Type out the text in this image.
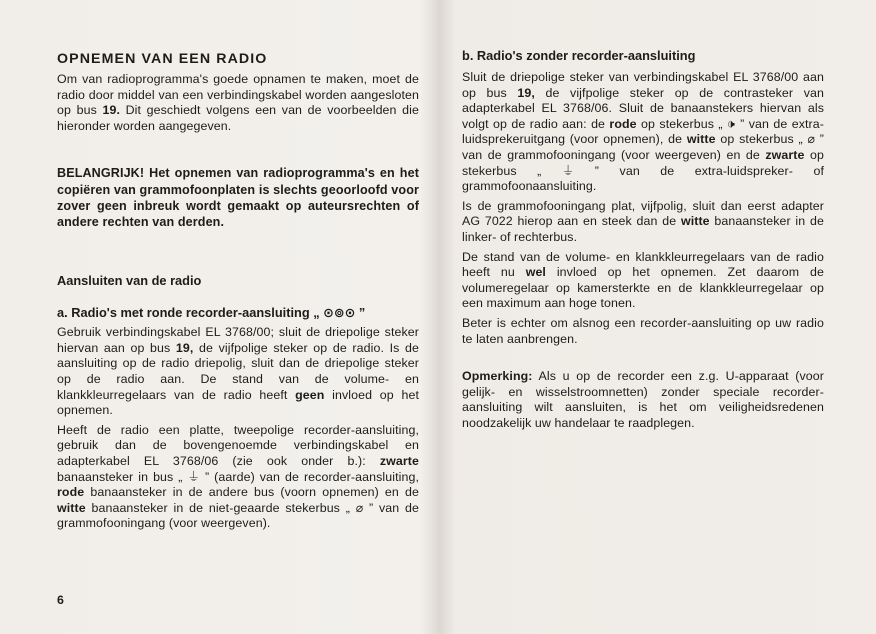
OPNEMEN VAN EEN RADIO

Om van radioprogramma's goede opnamen te maken, moet de radio door middel van een verbindingskabel worden aangesloten op bus 19. Dit geschiedt volgens een van de voorbeelden die hieronder worden aangegeven.

BELANGRIJK! Het opnemen van radioprogramma's en het copiëren van grammofoonplaten is slechts geoorloofd voor zover geen inbreuk wordt gemaakt op auteursrechten of andere rechten van derden.

Aansluiten van de radio
a. Radio's met ronde recorder-aansluiting „ ⊙⊚⊙ ”

Gebruik verbindingskabel EL 3768/00; sluit de driepolige steker hiervan aan op bus 19, de vijfpolige steker op de radio. Is de aansluiting op de radio driepolig, sluit dan de driepolige steker op de radio aan. De stand van de volume- en klankkleurregelaars van de radio heeft geen invloed op het opnemen.

Heeft de radio een platte, tweepolige recorder-aansluiting, gebruik dan de bovengenoemde verbindingskabel en adapterkabel EL 3768/06 (zie ook onder b.): zwarte banaansteker in bus „ ⏚ ” (aarde) van de recorder-aansluiting, rode banaansteker in de andere bus (voorn opnemen) en de witte banaansteker in de niet-geaarde stekerbus „ ⌀ ” van de grammofooningang (voor weergeven).

6
b. Radio's zonder recorder-aansluiting

Sluit de driepolige steker van verbindingskabel EL 3768/00 aan op bus 19, de vijfpolige steker op de contrasteker van adapterkabel EL 3768/06. Sluit de banaanstekers hiervan als volgt op de radio aan: de rode op stekerbus „ 🕩 ” van de extra-luidsprekeruitgang (voor opnemen), de witte op stekerbus „ ⌀ ” van de grammofooningang (voor weergeven) en de zwarte op stekerbus „ ⏚ ” van de extra-luidspreker- of grammofoonaansluiting.

Is de grammofooningang plat, vijfpolig, sluit dan eerst adapter AG 7022 hierop aan en steek dan de witte banaansteker in de linker- of rechterbus.

De stand van de volume- en klankkleurregelaars van de radio heeft nu wel invloed op het opnemen. Zet daarom de volumeregelaar op kamersterkte en de klankkleurregelaar op een maximum aan hoge tonen.

Beter is echter om alsnog een recorder-aansluiting op uw radio te laten aanbrengen.

Opmerking: Als u op de recorder een z.g. U-apparaat (voor gelijk- en wisselstroomnetten) zonder speciale recorder-aansluiting wilt aansluiten, is het om veiligheidsredenen noodzakelijk uw handelaar te raadplegen.
